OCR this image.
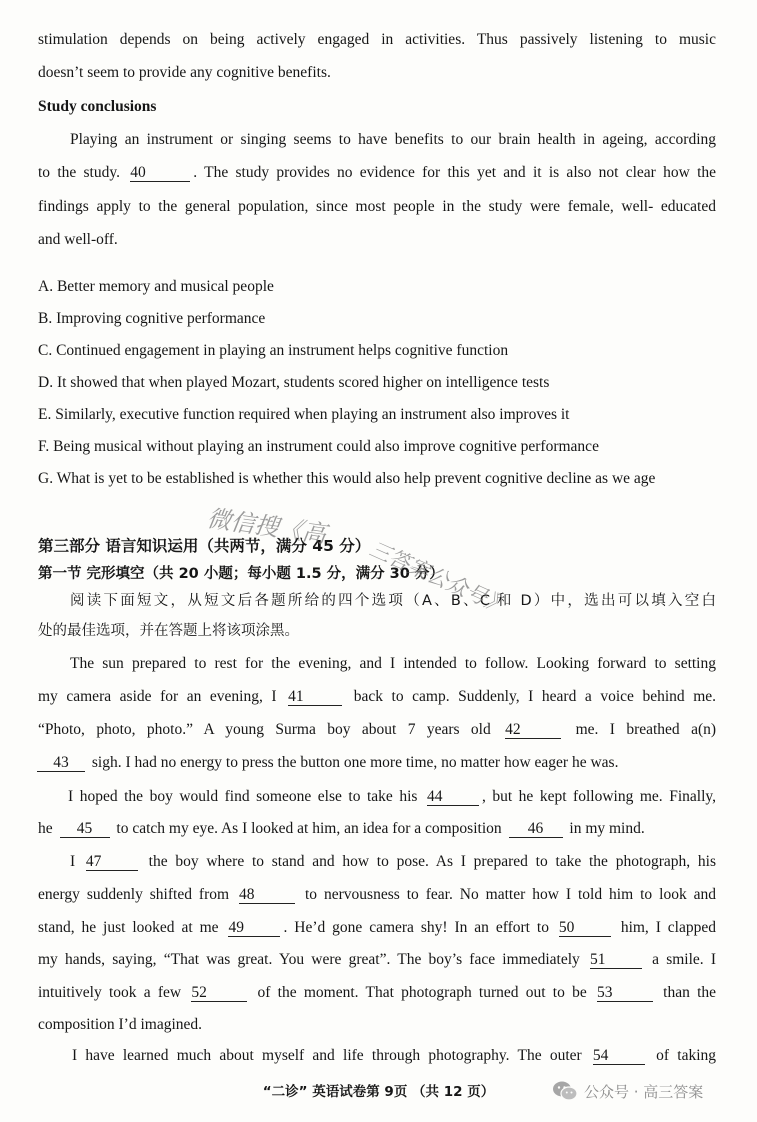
stimulation depends on being actively engaged in activities. Thus passively listening to music
doesn’t seem to provide any cognitive benefits.
Study conclusions
Playing an instrument or singing seems to have benefits to our brain health in ageing, according
to the study. 40	. The study provides no evidence for this yet and it is also not clear how the
findings apply to the general population, since most people in the study were female, well- educated
and well-off.
A. Better memory and musical people
B. Improving cognitive performance
C. Continued engagement in playing an instrument helps cognitive function
D. It showed that when played Mozart, students scored higher on intelligence tests
E. Similarly, executive function required when playing an instrument also improves it
F. Being musical without playing an instrument could also improve cognitive performance
G. What is yet to be established is whether this would also help prevent cognitive decline as we age
第三部分 语言知识运用（共两节，满分 45 分）
第一节 完形填空（共 20 小题；每小题 1.5 分，满分 30 分）
阅读下面短文，从短文后各题所给的四个选项（A、B、C 和 D）中，选出可以填入空白
处的最佳选项，并在答题上将该项涂黑。
The sun prepared to rest for the evening, and I intended to follow. Looking forward to setting
my camera aside for an evening, I 41	back to camp. Suddenly, I heard a voice behind me.
“Photo, photo, photo.” A young Surma boy about 7 years old 42	me. I breathed a(n)
43 sigh. I had no energy to press the button one more time, no matter how eager he was.
I hoped the boy would find someone else to take his 44	, but he kept following me. Finally,
he 45 to catch my eye. As I looked at him, an idea for a composition 46 in my mind.
I 47	the boy where to stand and how to pose. As I prepared to take the photograph, his
energy suddenly shifted from 48	to nervousness to fear. No matter how I told him to look and
stand, he just looked at me 49	. He’d gone camera shy! In an effort to 50	him, I clapped
my hands, saying, “That was great. You were great”. The boy’s face immediately 51	a smile. I
intuitively took a few 52	of the moment. That photograph turned out to be 53	than the
composition I’d imagined.
I have learned much about myself and life through photography. The outer 54	of taking
微信搜《高
三答案公众号》
“二诊” 英语试卷第 9页 （共 12 页）	公众号 · 高三答案
